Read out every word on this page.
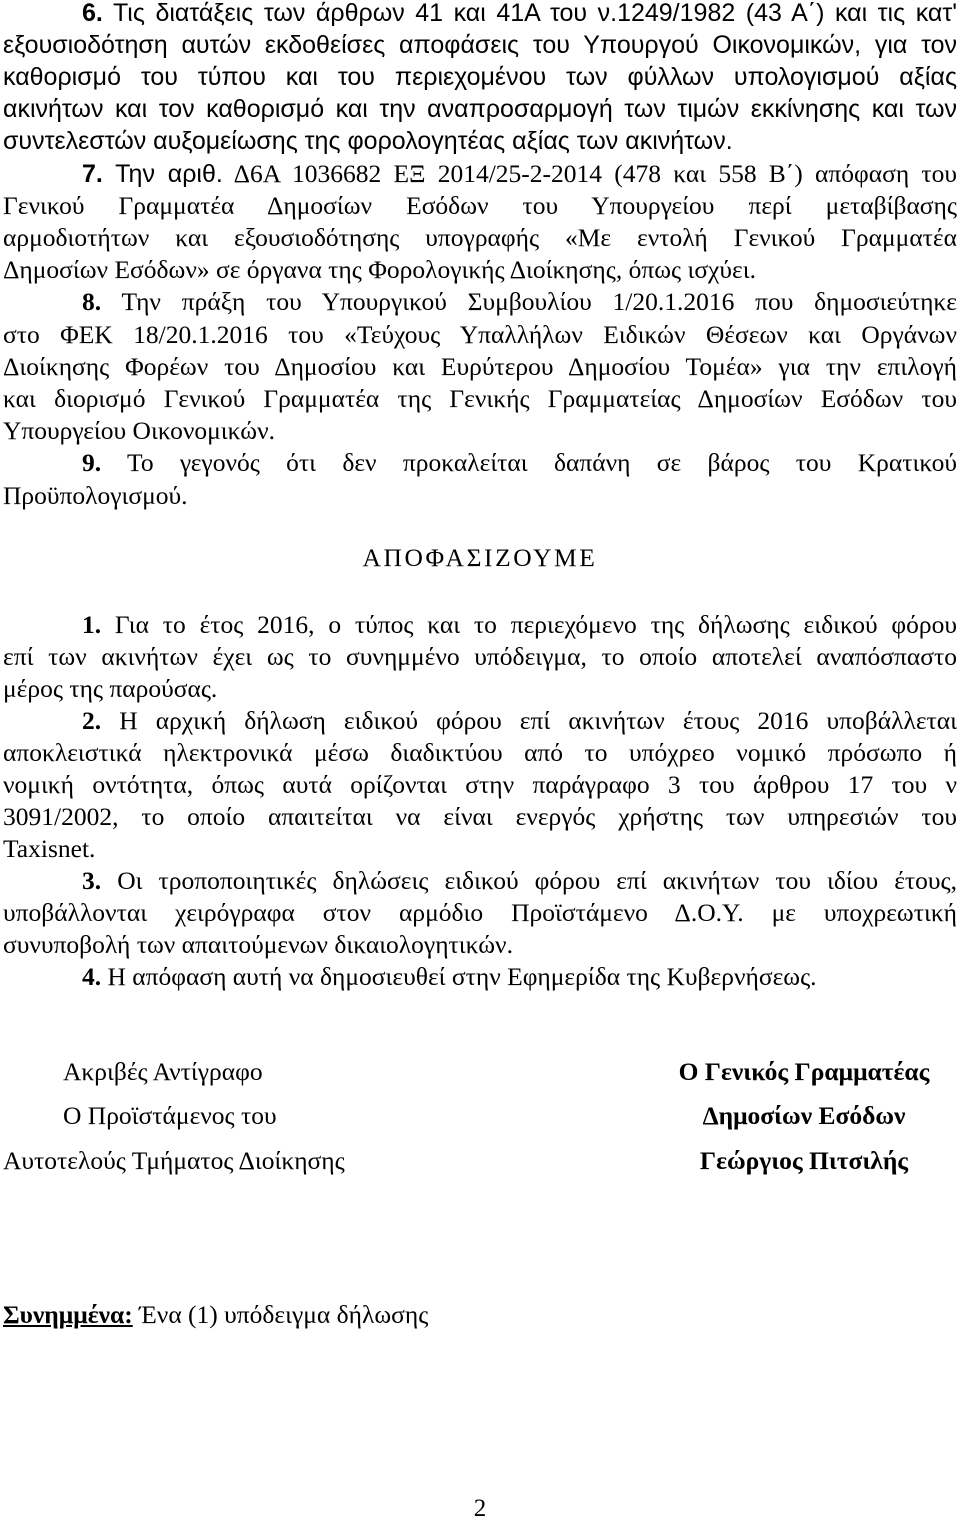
6. Τις διατάξεις των άρθρων 41 και 41Α του ν.1249/1982 (43 Α΄) και τις κατ'
εξουσιοδότηση αυτών εκδοθείσες αποφάσεις του Υπουργού Οικονομικών, για τον
καθορισμό του τύπου και του περιεχομένου των φύλλων υπολογισμού αξίας
ακινήτων και τον καθορισμό και την αναπροσαρμογή των τιμών εκκίνησης και των
συντελεστών αυξομείωσης της φορολογητέας αξίας των ακινήτων.
7. Την αριθ. Δ6Α 1036682 ΕΞ 2014/25-2-2014 (478 και 558 Β΄) απόφαση του
Γενικού Γραμματέα Δημοσίων Εσόδων του Υπουργείου περί μεταβίβασης
αρμοδιοτήτων και εξουσιοδότησης υπογραφής «Με εντολή Γενικού Γραμματέα
Δημοσίων Εσόδων» σε όργανα της Φορολογικής Διοίκησης, όπως ισχύει.
8. Την πράξη του Υπουργικού Συμβουλίου 1/20.1.2016 που δημοσιεύτηκε
στο ΦΕΚ 18/20.1.2016 του «Τεύχους Υπαλλήλων Ειδικών Θέσεων και Οργάνων
Διοίκησης Φορέων του Δημοσίου και Ευρύτερου Δημοσίου Τομέα» για την επιλογή
και διορισμό Γενικού Γραμματέα της Γενικής Γραμματείας Δημοσίων Εσόδων του
Υπουργείου Οικονομικών.
9. Το γεγονός ότι δεν προκαλείται δαπάνη σε βάρος του Κρατικού
Προϋπολογισμού.
ΑΠΟΦΑΣΙΖΟΥΜΕ
1. Για το έτος 2016, ο τύπος και το περιεχόμενο της δήλωσης ειδικού φόρου
επί των ακινήτων έχει ως το συνημμένο υπόδειγμα, το οποίο αποτελεί αναπόσπαστο
μέρος της παρούσας.
2. Η αρχική δήλωση ειδικού φόρου επί ακινήτων έτους 2016 υποβάλλεται
αποκλειστικά ηλεκτρονικά μέσω διαδικτύου από το υπόχρεο νομικό πρόσωπο ή
νομική οντότητα, όπως αυτά ορίζονται στην παράγραφο 3 του άρθρου 17 του ν
3091/2002, το οποίο απαιτείται να είναι ενεργός χρήστης των υπηρεσιών του
Taxisnet.
3. Οι τροποποιητικές δηλώσεις ειδικού φόρου επί ακινήτων του ιδίου έτους,
υποβάλλονται χειρόγραφα στον αρμόδιο Προϊστάμενο Δ.Ο.Υ. με υποχρεωτική
συνυποβολή των απαιτούμενων δικαιολογητικών.
4. Η απόφαση αυτή να δημοσιευθεί στην Εφημερίδα της Κυβερνήσεως.
Ακριβές Αντίγραφο
Ο Προϊστάμενος του
Αυτοτελούς Τμήματος Διοίκησης
Ο Γενικός Γραμματέας
Δημοσίων Εσόδων
Γεώργιος Πιτσιλής
Συνημμένα: Ένα (1) υπόδειγμα δήλωσης
2
